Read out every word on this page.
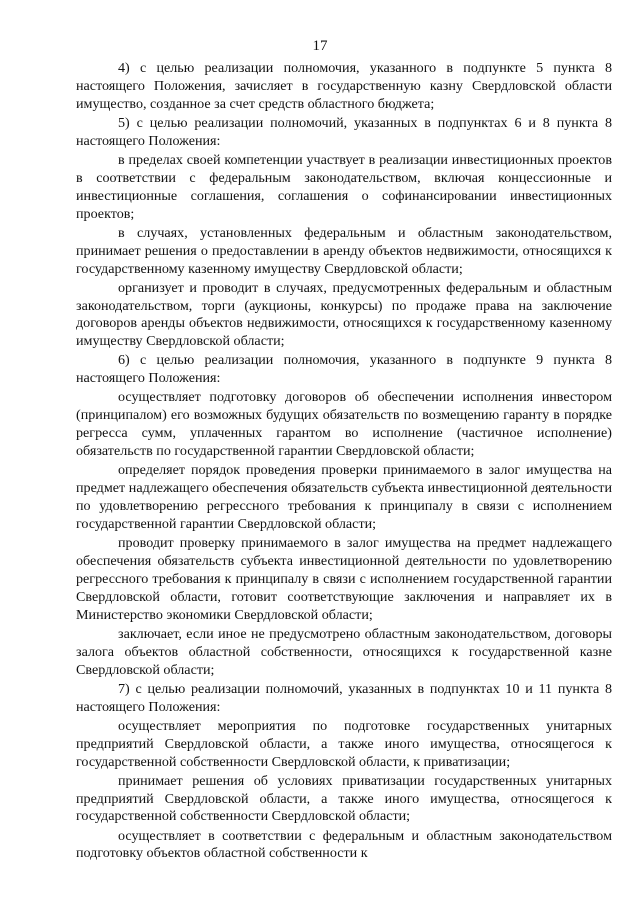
17

4) с целью реализации полномочия, указанного в подпункте 5 пункта 8 настоящего Положения, зачисляет в государственную казну Свердловской области имущество, созданное за счет средств областного бюджета;

5) с целью реализации полномочий, указанных в подпунктах 6 и 8 пункта 8 настоящего Положения:

в пределах своей компетенции участвует в реализации инвестиционных проектов в соответствии с федеральным законодательством, включая концессионные и инвестиционные соглашения, соглашения о софинансировании инвестиционных проектов;

в случаях, установленных федеральным и областным законодательством, принимает решения о предоставлении в аренду объектов недвижимости, относящихся к государственному казенному имуществу Свердловской области;

организует и проводит в случаях, предусмотренных федеральным и областным законодательством, торги (аукционы, конкурсы) по продаже права на заключение договоров аренды объектов недвижимости, относящихся к государственному казенному имуществу Свердловской области;

6) с целью реализации полномочия, указанного в подпункте 9 пункта 8 настоящего Положения:

осуществляет подготовку договоров об обеспечении исполнения инвестором (принципалом) его возможных будущих обязательств по возмещению гаранту в порядке регресса сумм, уплаченных гарантом во исполнение (частичное исполнение) обязательств по государственной гарантии Свердловской области;

определяет порядок проведения проверки принимаемого в залог имущества на предмет надлежащего обеспечения обязательств субъекта инвестиционной деятельности по удовлетворению регрессного требования к принципалу в связи с исполнением государственной гарантии Свердловской области;

проводит проверку принимаемого в залог имущества на предмет надлежащего обеспечения обязательств субъекта инвестиционной деятельности по удовлетворению регрессного требования к принципалу в связи с исполнением государственной гарантии Свердловской области, готовит соответствующие заключения и направляет их в Министерство экономики Свердловской области;

заключает, если иное не предусмотрено областным законодательством, договоры залога объектов областной собственности, относящихся к государственной казне Свердловской области;

7) с целью реализации полномочий, указанных в подпунктах 10 и 11 пункта 8 настоящего Положения:

осуществляет мероприятия по подготовке государственных унитарных предприятий Свердловской области, а также иного имущества, относящегося к государственной собственности Свердловской области, к приватизации;

принимает решения об условиях приватизации государственных унитарных предприятий Свердловской области, а также иного имущества, относящегося к государственной собственности Свердловской области;

осуществляет в соответствии с федеральным и областным законодательством подготовку объектов областной собственности к
